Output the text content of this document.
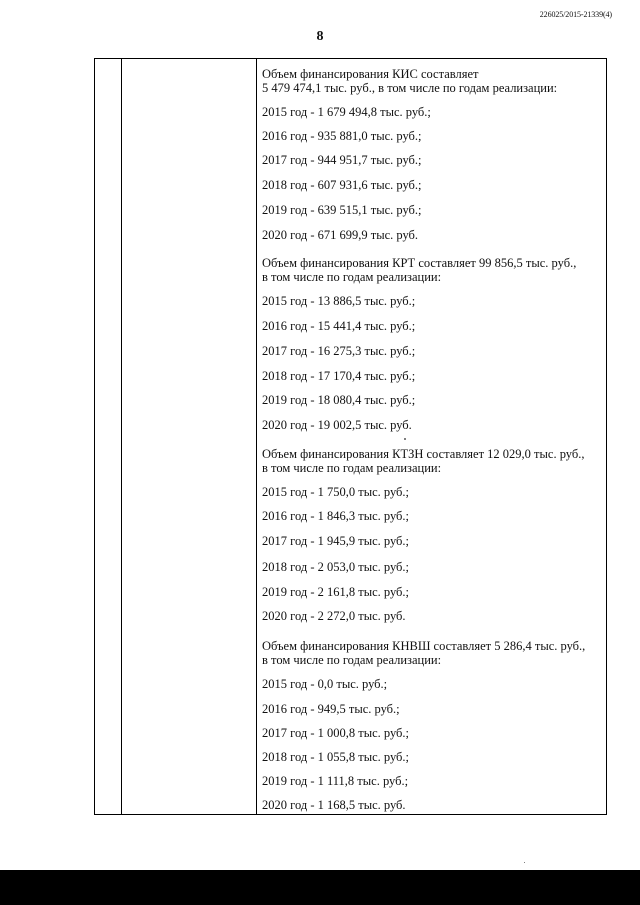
226025/2015-21339(4)
8
Объем финансирования КИС составляет
5 479 474,1 тыс. руб., в том числе по годам реализации:
2015 год - 1 679 494,8 тыс. руб.;
2016 год - 935 881,0 тыс. руб.;
2017 год - 944 951,7 тыс. руб.;
2018 год - 607 931,6 тыс. руб.;
2019 год - 639 515,1 тыс. руб.;
2020 год - 671 699,9 тыс. руб.
Объем финансирования КРТ составляет 99 856,5 тыс. руб.,
в том числе по годам реализации:
2015 год - 13 886,5 тыс. руб.;
2016 год - 15 441,4 тыс. руб.;
2017 год - 16 275,3 тыс. руб.;
2018 год - 17 170,4 тыс. руб.;
2019 год - 18 080,4 тыс. руб.;
2020 год - 19 002,5 тыс. руб.
Объем финансирования КТЗН составляет 12 029,0 тыс. руб.,
в том числе по годам реализации:
2015 год - 1 750,0 тыс. руб.;
2016 год - 1 846,3 тыс. руб.;
2017 год - 1 945,9 тыс. руб.;
2018 год - 2 053,0 тыс. руб.;
2019 год - 2 161,8 тыс. руб.;
2020 год - 2 272,0 тыс. руб.
Объем финансирования КНВШ составляет 5 286,4 тыс. руб.,
в том числе по годам реализации:
2015 год - 0,0 тыс. руб.;
2016 год - 949,5 тыс. руб.;
2017 год - 1 000,8 тыс. руб.;
2018 год - 1 055,8 тыс. руб.;
2019 год - 1 111,8 тыс. руб.;
2020 год - 1 168,5 тыс. руб.
